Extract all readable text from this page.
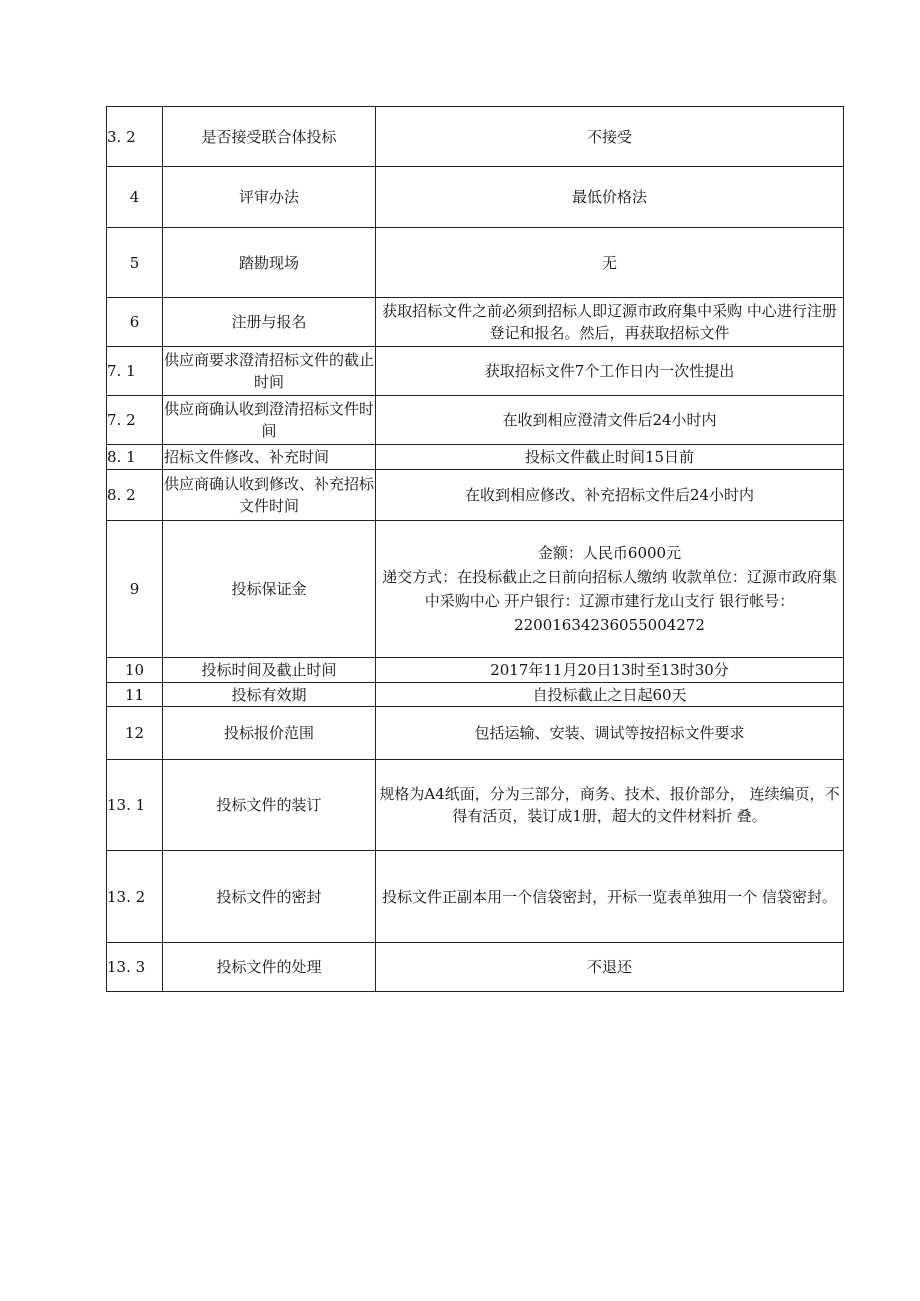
3. 2	是否接受联合体投标	不接受
4	评审办法	最低价格法
5	踏勘现场	无
6	注册与报名	获取招标文件之前必须到招标人即辽源市政府集中采购 中心进行注册登记和报名。然后，再获取招标文件
7. 1	供应商要求澄清招标文件的截止时间	获取招标文件7个工作日内一次性提出
7. 2	供应商确认收到澄清招标文件时间	在收到相应澄清文件后24小时内
8. 1	招标文件修改、补充时间	投标文件截止时间15日前
8. 2	供应商确认收到修改、补充招标文件时间	在收到相应修改、补充招标文件后24小时内
9	投标保证金	金额：人民币6000元
递交方式：在投标截止之日前向招标人缴纳 收款单位：辽源市政府集中采购中心 开户银行：辽源市建行龙山支行 银行帐号：22001634236055004272

10	投标时间及截止时间	2017年11月20日13时至13时30分
11	投标有效期	自投标截止之日起60天
12	投标报价范围	包括运输、安装、调试等按招标文件要求
13. 1	投标文件的装订	规格为A4纸面，分为三部分，商务、技术、报价部分， 连续编页，不得有活页，装订成1册，超大的文件材料折 叠。
13. 2	投标文件的密封	投标文件正副本用一个信袋密封，开标一览表单独用一个 信袋密封。
13. 3	投标文件的处理	不退还
